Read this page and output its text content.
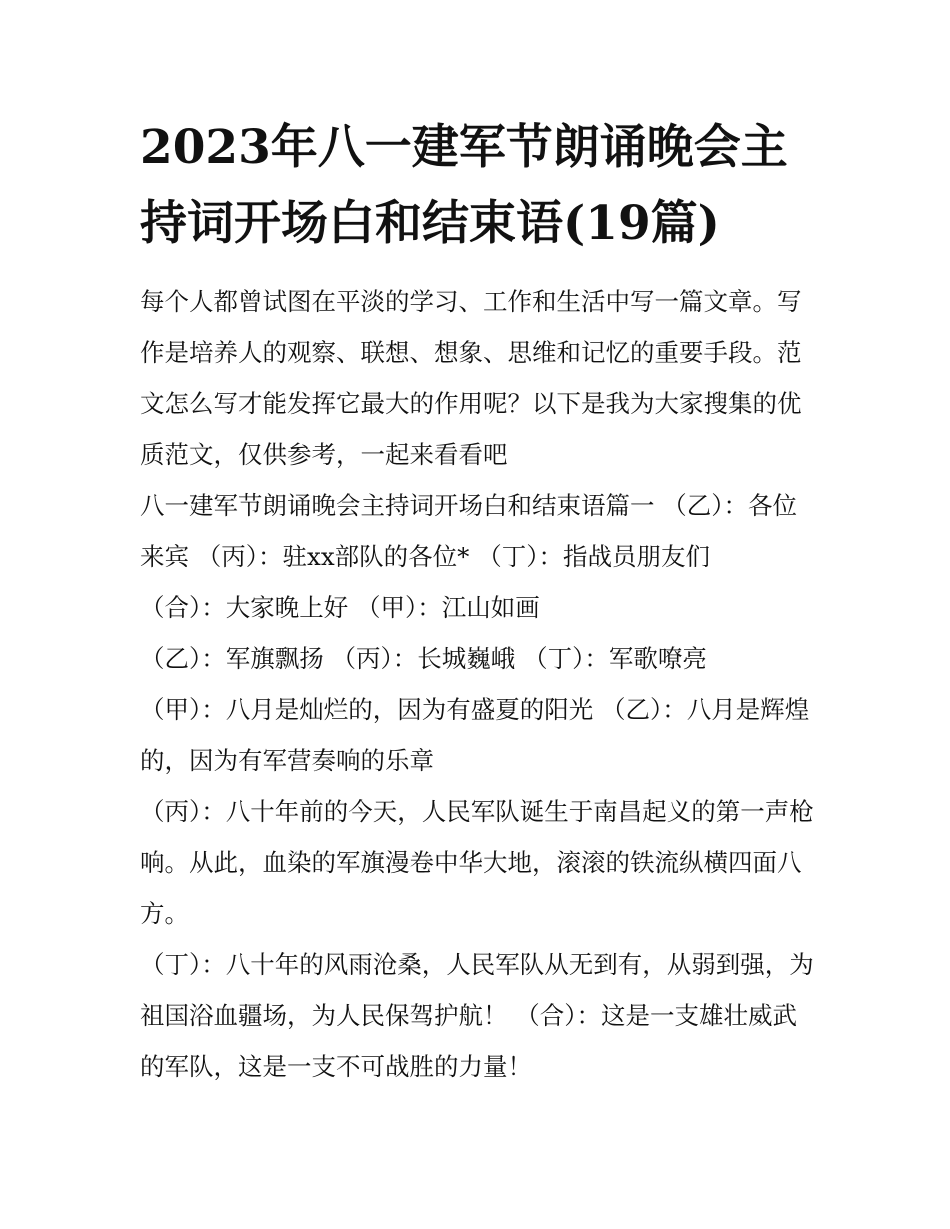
2023年八一建军节朗诵晚会主持词开场白和结束语(19篇)

每个人都曾试图在平淡的学习、工作和生活中写一篇文章。写作是培养人的观察、联想、想象、思维和记忆的重要手段。范文怎么写才能发挥它最大的作用呢？以下是我为大家搜集的优质范文，仅供参考，一起来看看吧

八一建军节朗诵晚会主持词开场白和结束语篇一 （乙）：各位来宾 （丙）：驻xx部队的各位* （丁）：指战员朋友们

（合）：大家晚上好 （甲）：江山如画

（乙）：军旗飘扬 （丙）：长城巍峨 （丁）：军歌嘹亮

（甲）：八月是灿烂的，因为有盛夏的阳光 （乙）：八月是辉煌的，因为有军营奏响的乐章

（丙）：八十年前的今天，人民军队诞生于南昌起义的第一声枪响。从此，血染的军旗漫卷中华大地，滚滚的铁流纵横四面八方。

（丁）：八十年的风雨沧桑，人民军队从无到有，从弱到强，为祖国浴血疆场，为人民保驾护航！ （合）：这是一支雄壮威武的军队，这是一支不可战胜的力量！
